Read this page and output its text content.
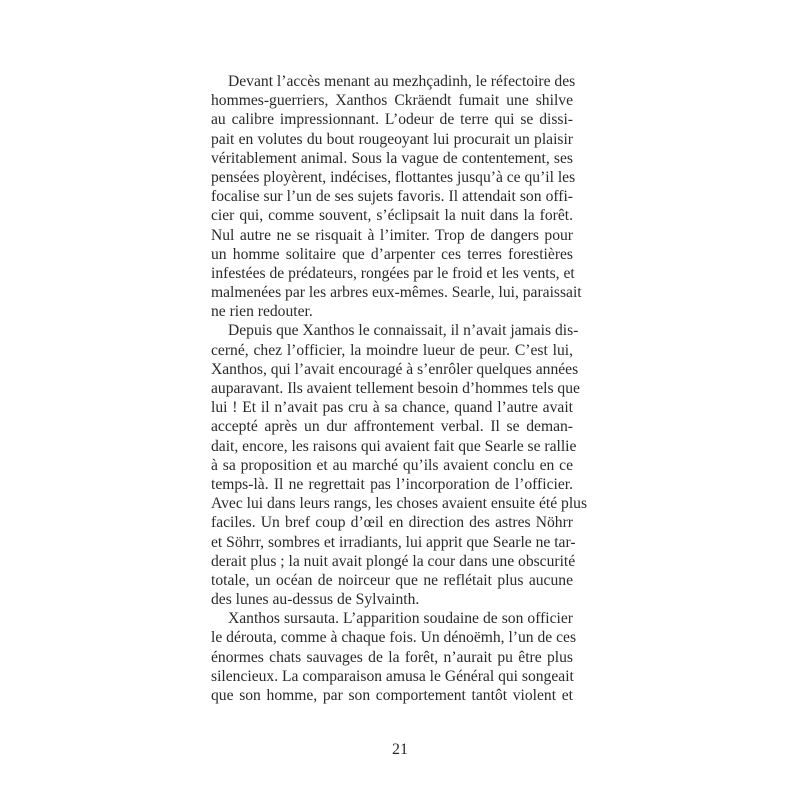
Devant l’accès menant au mezhçadinh, le réfectoire des
hommes-guerriers, Xanthos Ckräendt fumait une shilve
au calibre impressionnant. L’odeur de terre qui se dissi-
pait en volutes du bout rougeoyant lui procurait un plaisir
véritablement animal. Sous la vague de contentement, ses
pensées ployèrent, indécises, flottantes jusqu’à ce qu’il les
focalise sur l’un de ses sujets favoris. Il attendait son offi-
cier qui, comme souvent, s’éclipsait la nuit dans la forêt.
Nul autre ne se risquait à l’imiter. Trop de dangers pour
un homme solitaire que d’arpenter ces terres forestières
infestées de prédateurs, rongées par le froid et les vents, et
malmenées par les arbres eux-mêmes. Searle, lui, paraissait
ne rien redouter.
Depuis que Xanthos le connaissait, il n’avait jamais dis-
cerné, chez l’officier, la moindre lueur de peur. C’est lui,
Xanthos, qui l’avait encouragé à s’enrôler quelques années
auparavant. Ils avaient tellement besoin d’hommes tels que
lui ! Et il n’avait pas cru à sa chance, quand l’autre avait
accepté après un dur affrontement verbal. Il se deman-
dait, encore, les raisons qui avaient fait que Searle se rallie
à sa proposition et au marché qu’ils avaient conclu en ce
temps-là. Il ne regrettait pas l’incorporation de l’officier.
Avec lui dans leurs rangs, les choses avaient ensuite été plus
faciles. Un bref coup d’œil en direction des astres Nöhrr
et Söhrr, sombres et irradiants, lui apprit que Searle ne tar-
derait plus ; la nuit avait plongé la cour dans une obscurité
totale, un océan de noirceur que ne reflétait plus aucune
des lunes au-dessus de Sylvainth.
Xanthos sursauta. L’apparition soudaine de son officier
le dérouta, comme à chaque fois. Un dénoëmh, l’un de ces
énormes chats sauvages de la forêt, n’aurait pu être plus
silencieux. La comparaison amusa le Général qui songeait
que son homme, par son comportement tantôt violent et
21
